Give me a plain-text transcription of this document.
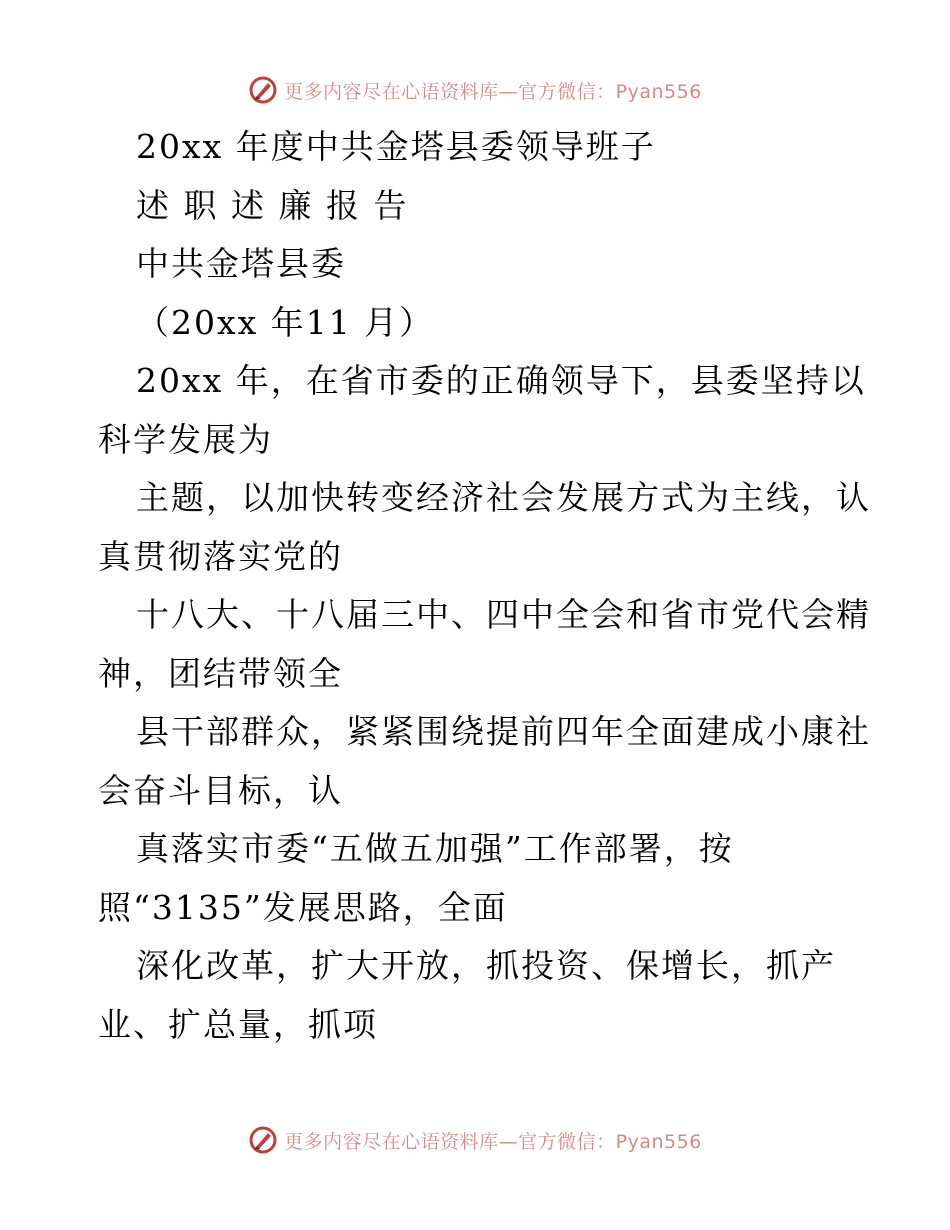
更多内容尽在心语资料库—官方微信：Pyan556
20xx 年度中共金塔县委领导班子
述 职 述 廉 报 告
中共金塔县委
（20xx 年11 月）
20xx 年，在省市委的正确领导下，县委坚持以
科学发展为
主题，以加快转变经济社会发展方式为主线，认
真贯彻落实党的
十八大、十八届三中、四中全会和省市党代会精
神，团结带领全
县干部群众，紧紧围绕提前四年全面建成小康社
会奋斗目标，认
真落实市委“五做五加强”工作部署，按
照“3135”发展思路，全面
深化改革，扩大开放，抓投资、保增长，抓产
业、扩总量，抓项
更多内容尽在心语资料库—官方微信：Pyan556
